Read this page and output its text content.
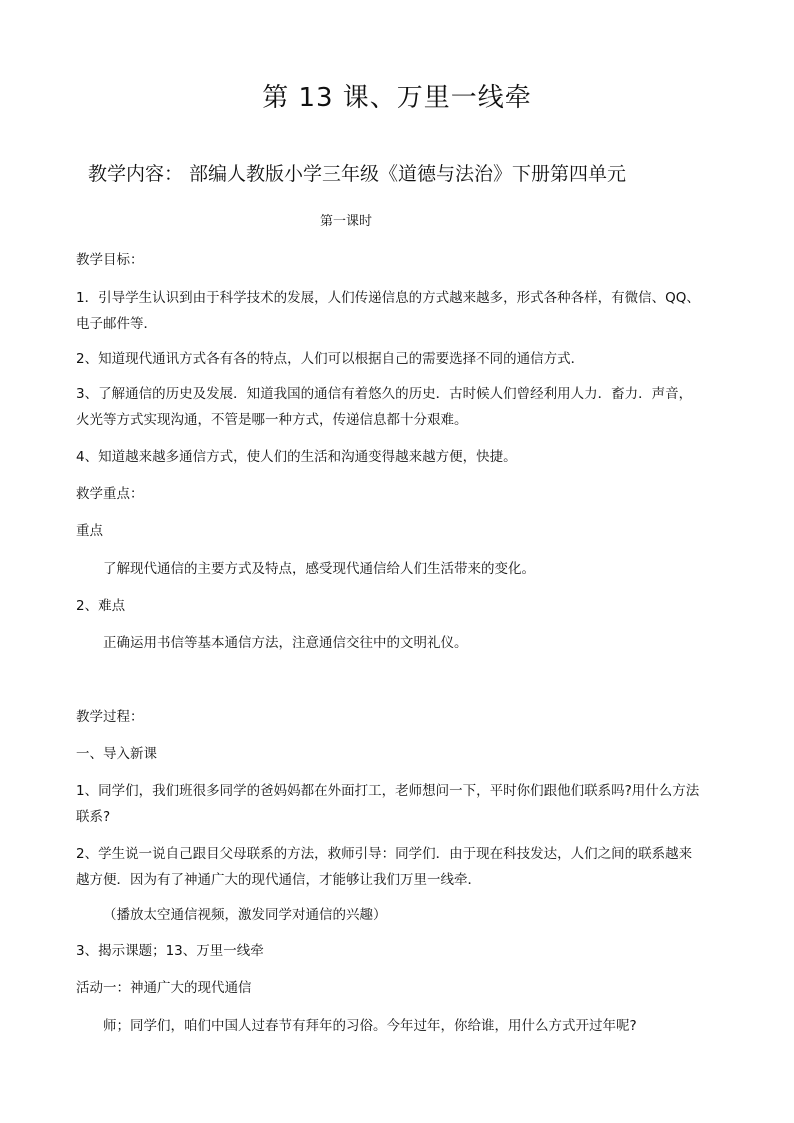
第 13 课、万里一线牵
教学内容： 部编人教版小学三年级《道德与法治》下册第四单元
第一课时
教学目标：
1．引导学生认识到由于科学技术的发展，人们传递信息的方式越来越多，形式各种各样，有微信、QQ、
电子邮件等．
2、知道现代通讯方式各有各的特点，人们可以根据自己的需要选择不同的通信方式．
3、了解通信的历史及发展．知道我国的通信有着悠久的历史．古时候人们曾经利用人力．畜力．声音，
火光等方式实现沟通，不管是哪一种方式，传递信息都十分艰难。
4、知道越来越多通信方式，使人们的生活和沟通变得越来越方便，快捷。
救学重点：
重点
了解现代通信的主要方式及特点，感受现代通信给人们生活带来的变化。
2、难点
正确运用书信等基本通信方法，注意通信交往中的文明礼仪。
教学过程：
一、导入新课
1、同学们，我们班很多同学的爸妈妈都在外面打工，老师想问一下，平时你们跟他们联系吗?用什么方法
联系?
2、学生说一说自己跟目父母联系的方法，救师引导：同学们．由于现在科技发达，人们之间的联系越来
越方便．因为有了神通广大的现代通信，才能够让我们万里一线牵．
（播放太空通信视频，激发同学对通信的兴趣）
3、揭示课题；13、万里一线牵
活动一：神通广大的现代通信
师；同学们，咱们中国人过春节有拜年的习俗。今年过年，你给谁，用什么方式开过年呢?
